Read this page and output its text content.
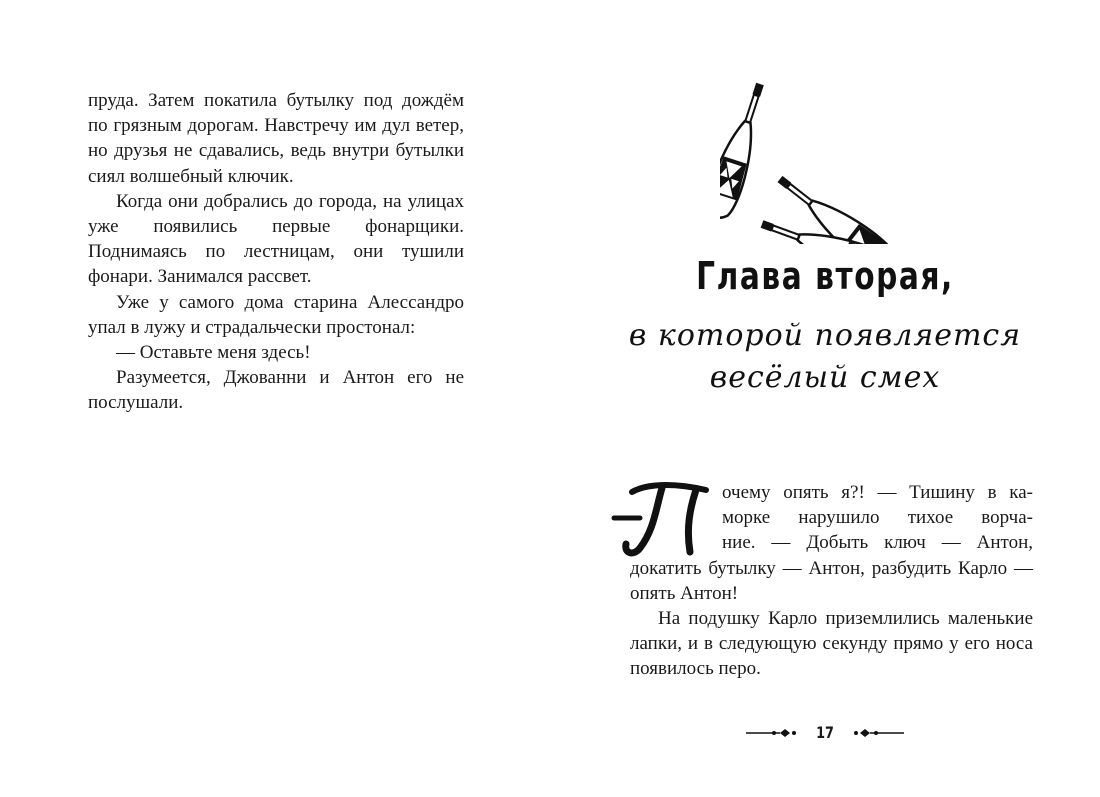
пруда. Затем покатила бутылку под дождём по грязным дорогам. Навстречу им дул ветер, но друзья не сдавались, ведь внутри бутылки сиял волшебный ключик.

Когда они добрались до города, на улицах уже появились первые фонарщики. Поднимаясь по лестницам, они тушили фонари. Занимался рассвет.

Уже у самого дома старина Алессандро упал в лужу и страдальчески простонал:

— Оставьте меня здесь!

Разумеется, Джованни и Антон его не послушали.

Глава вторая,
в которой появляется
весёлый смех
очему опять я?! — Тишину в ка-
морке нарушило тихое ворча-
ние. — Добыть ключ — Антон,

докатить бутылку — Антон, разбудить Карло — опять Антон!

На подушку Карло приземлились маленькие лапки, и в следующую секунду прямо у его носа появилось перо.

17
